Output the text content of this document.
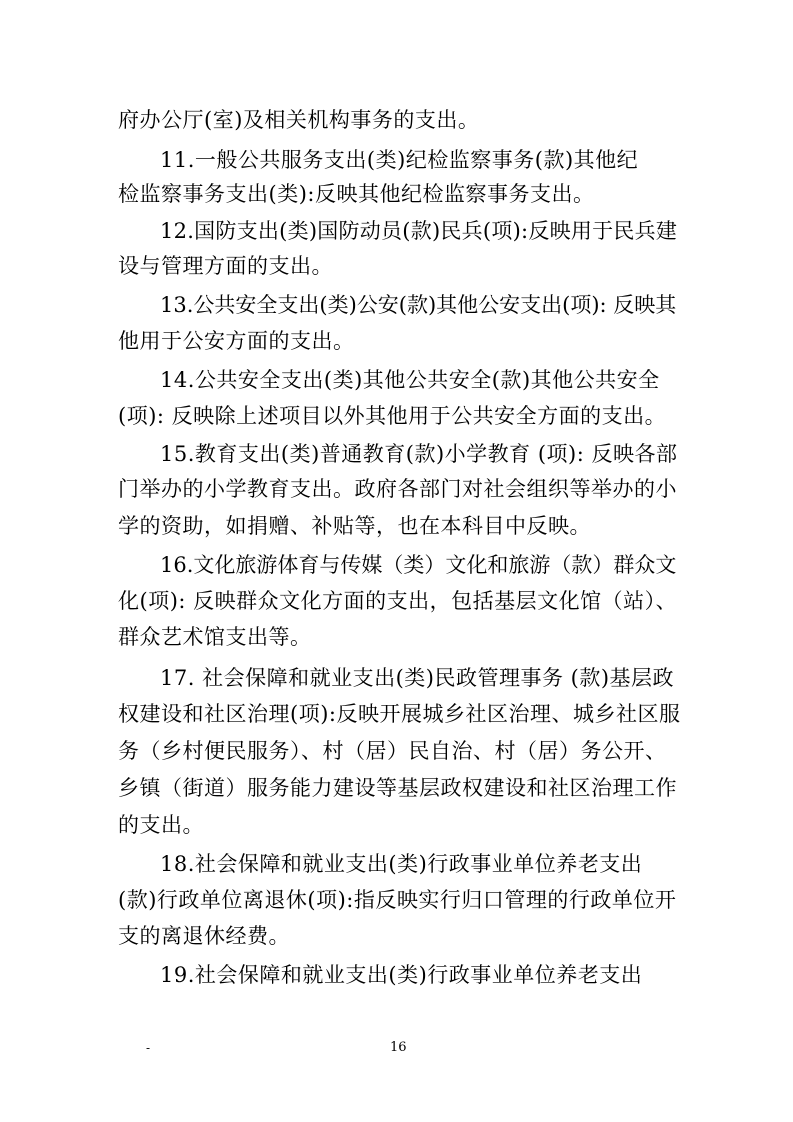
府办公厅(室)及相关机构事务的支出。
11.一般公共服务支出(类)纪检监察事务(款)其他纪
检监察事务支出(类):反映其他纪检监察事务支出。
12.国防支出(类)国防动员(款)民兵(项):反映用于民兵建
设与管理方面的支出。
13.公共安全支出(类)公安(款)其他公安支出(项): 反映其
他用于公安方面的支出。
14.公共安全支出(类)其他公共安全(款)其他公共安全
(项): 反映除上述项目以外其他用于公共安全方面的支出。
15.教育支出(类)普通教育(款)小学教育 (项): 反映各部
门举办的小学教育支出。政府各部门对社会组织等举办的小
学的资助，如捐赠、补贴等，也在本科目中反映。
16.文化旅游体育与传媒（类）文化和旅游（款）群众文
化(项): 反映群众文化方面的支出，包括基层文化馆（站）、
群众艺术馆支出等。
17. 社会保障和就业支出(类)民政管理事务 (款)基层政
权建设和社区治理(项):反映开展城乡社区治理、城乡社区服
务（乡村便民服务）、村（居）民自治、村（居）务公开、
乡镇（街道）服务能力建设等基层政权建设和社区治理工作
的支出。
18.社会保障和就业支出(类)行政事业单位养老支出
(款)行政单位离退休(项):指反映实行归口管理的行政单位开
支的离退休经费。
19.社会保障和就业支出(类)行政事业单位养老支出
-	16
